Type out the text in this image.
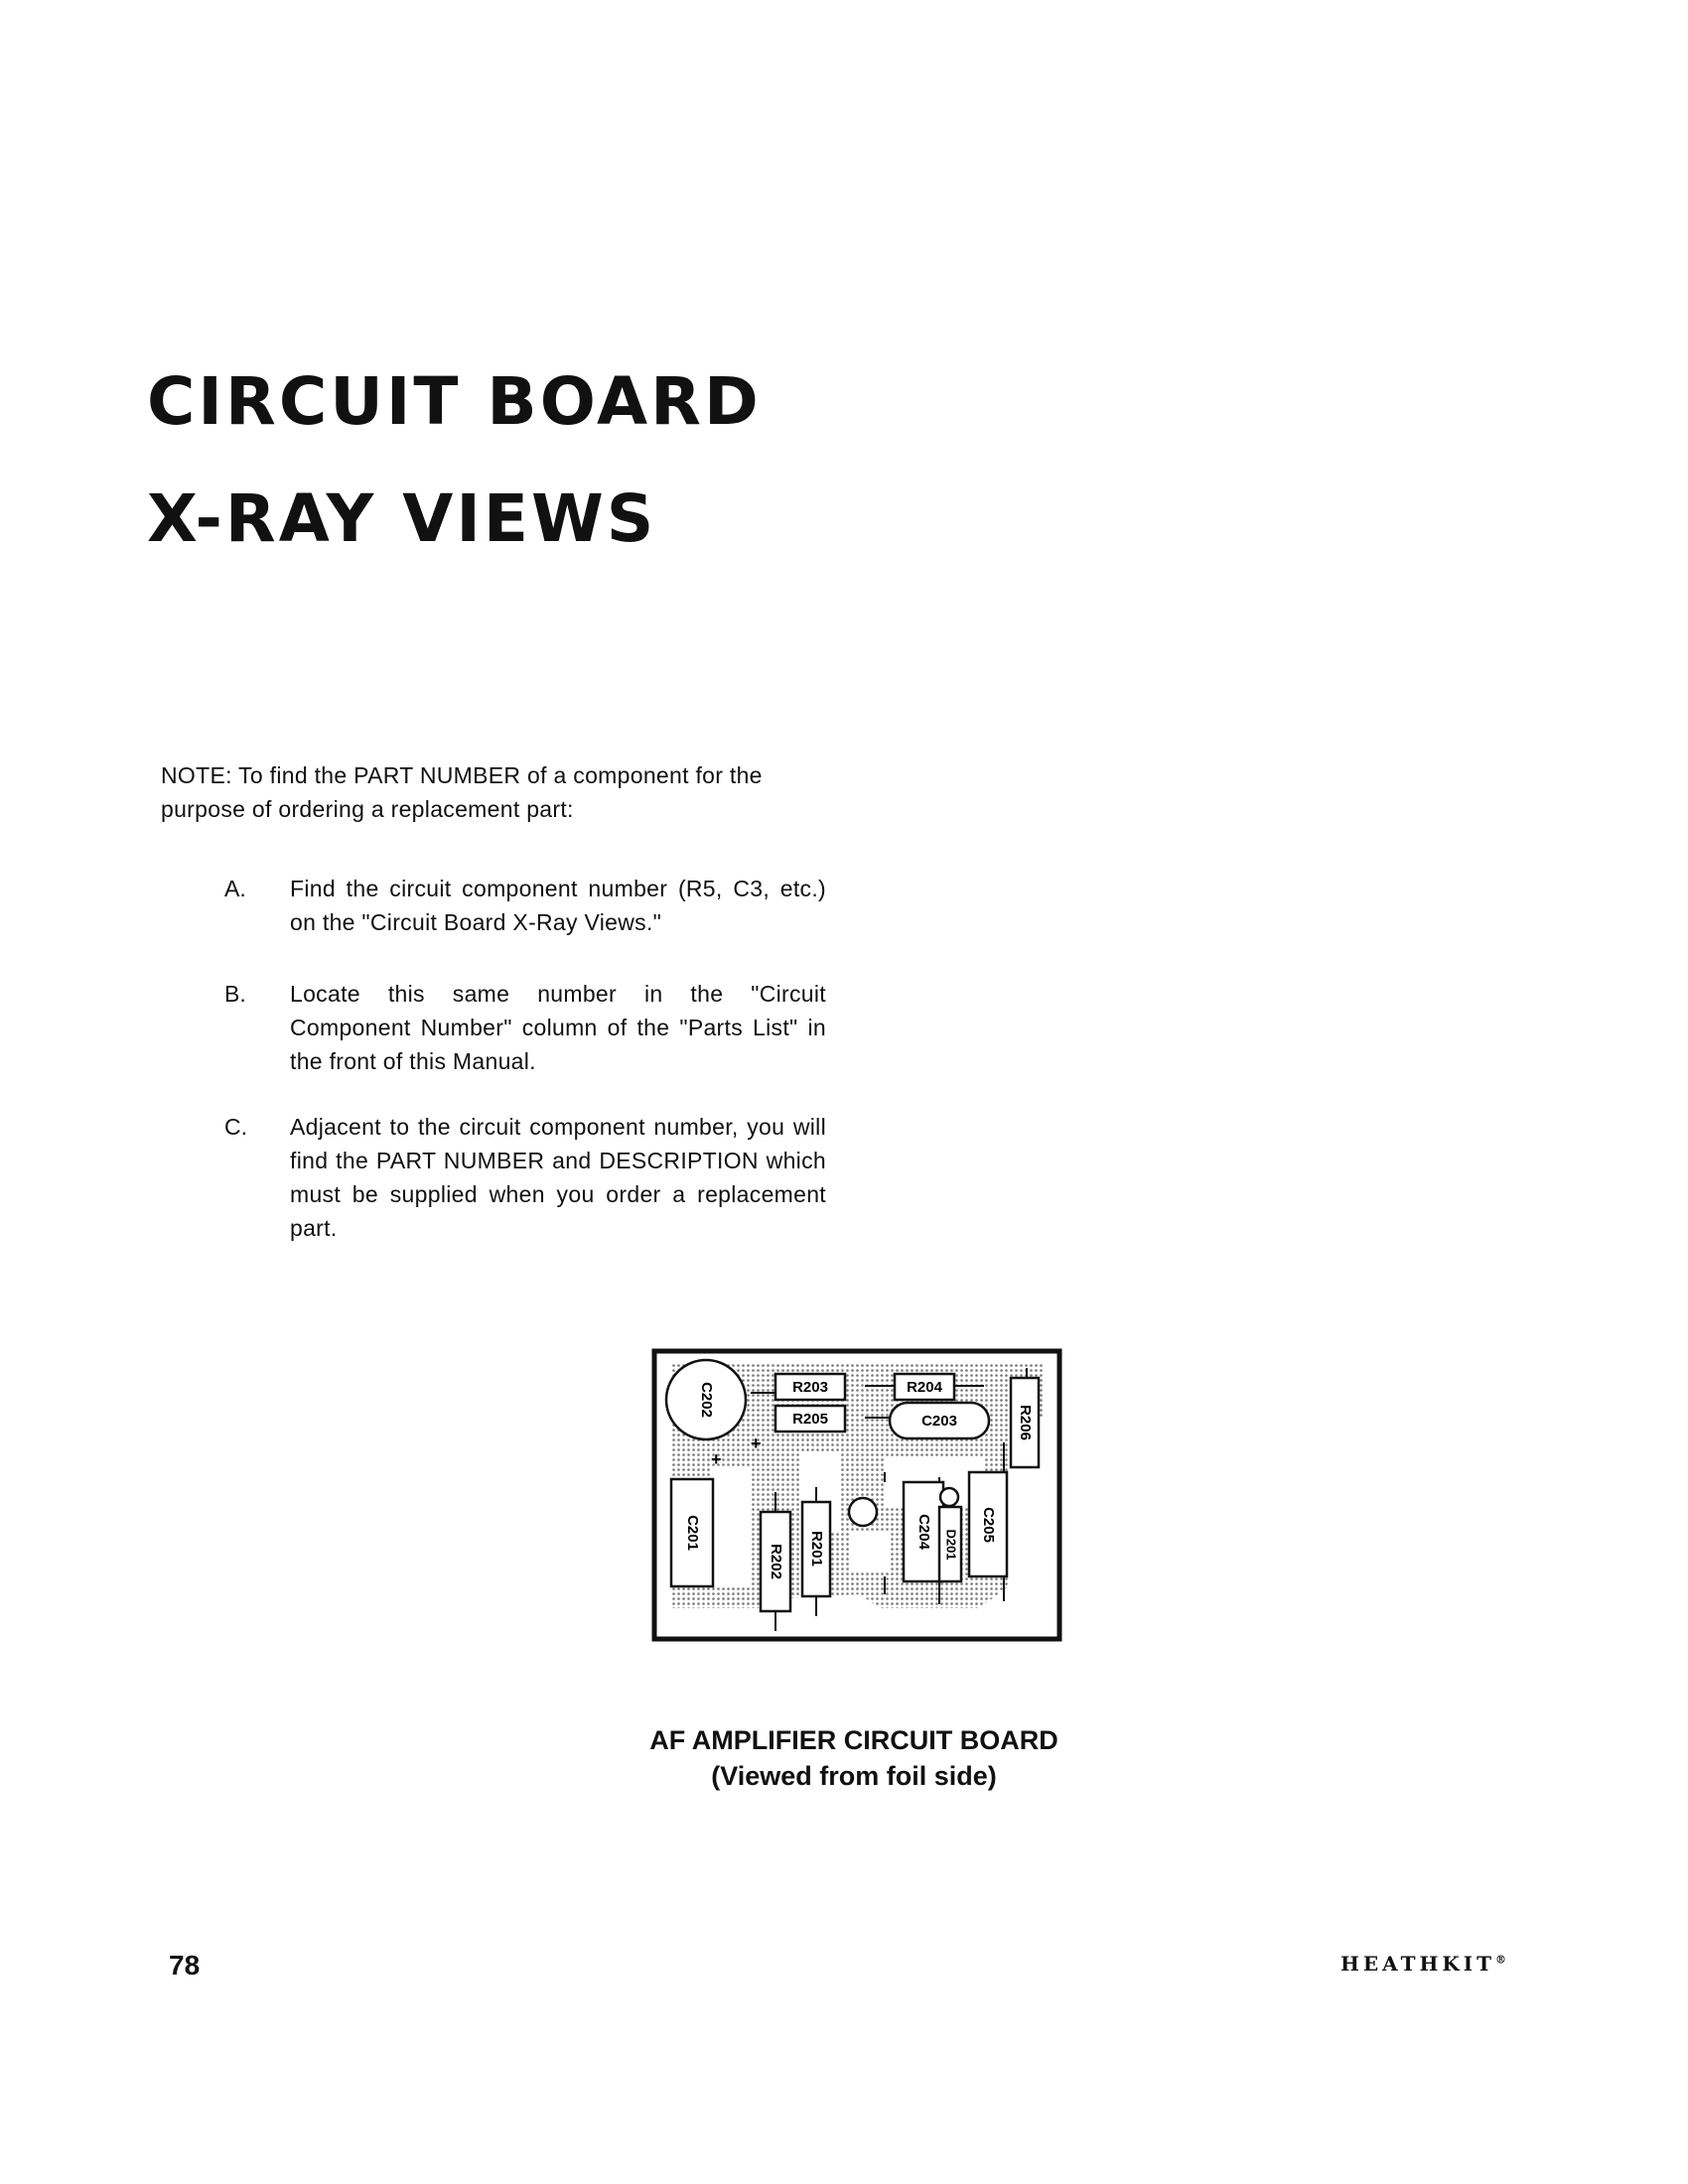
CIRCUIT BOARD
X-RAY VIEWS

NOTE: To find the PART NUMBER of a component for the purpose of ordering a replacement part:

A. Find the circuit component number (R5, C3, etc.) on the "Circuit Board X-Ray Views."

B. Locate this same number in the "Circuit Component Number" column of the "Parts List" in the front of this Manual.

C. Adjacent to the circuit component number, you will find the PART NUMBER and DESCRIPTION which must be supplied when you order a replacement part.

C202
+
+
R203	R204
R205	C203	R206
C201
R202 R201	C204 D201
C205
AF AMPLIFIER CIRCUIT BOARD
(Viewed from foil side)
78	HEATHKIT®
